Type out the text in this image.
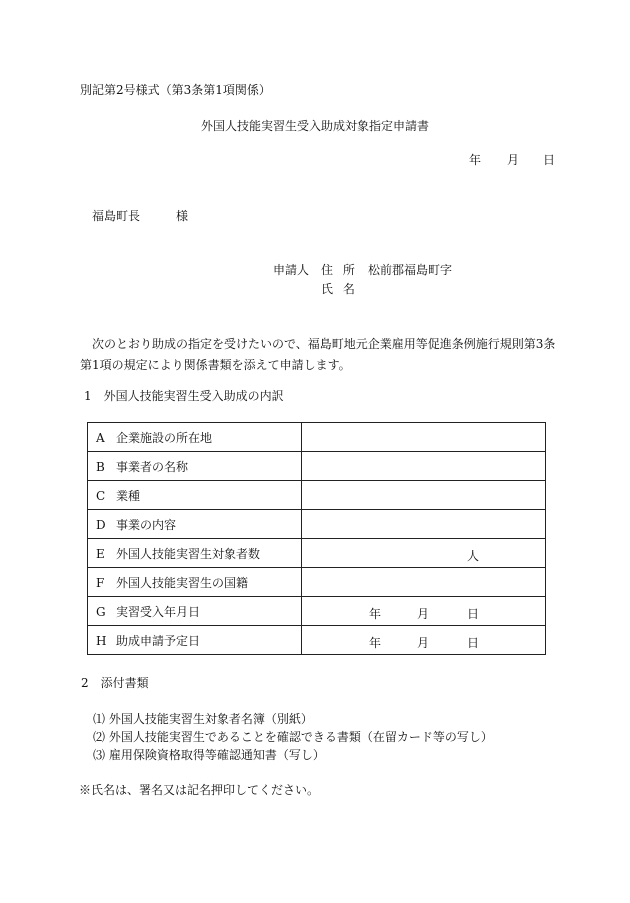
別記第2号様式（第3条第1項関係）
外国人技能実習生受入助成対象指定申請書
年 月 日
福島町長	様
申請人 住 所 松前郡福島町字
氏 名
次のとおり助成の指定を受けたいので、福島町地元企業雇用等促進条例施行規則第3条第1項の規定により関係書類を添えて申請します。
1　外国人技能実習生受入助成の内訳
A 企業施設の所在地	
B 事業者の名称	
C 業種	
D 事業の内容	
E 外国人技能実習生対象者数	人

F 外国人技能実習生の国籍	
G 実習受入年月日	年 月 日

H 助成申請予定日	年 月 日
2　添付書類
⑴ 外国人技能実習生対象者名簿（別紙）
⑵ 外国人技能実習生であることを確認できる書類（在留カード等の写し）
⑶ 雇用保険資格取得等確認通知書（写し）
※氏名は、署名又は記名押印してください。
